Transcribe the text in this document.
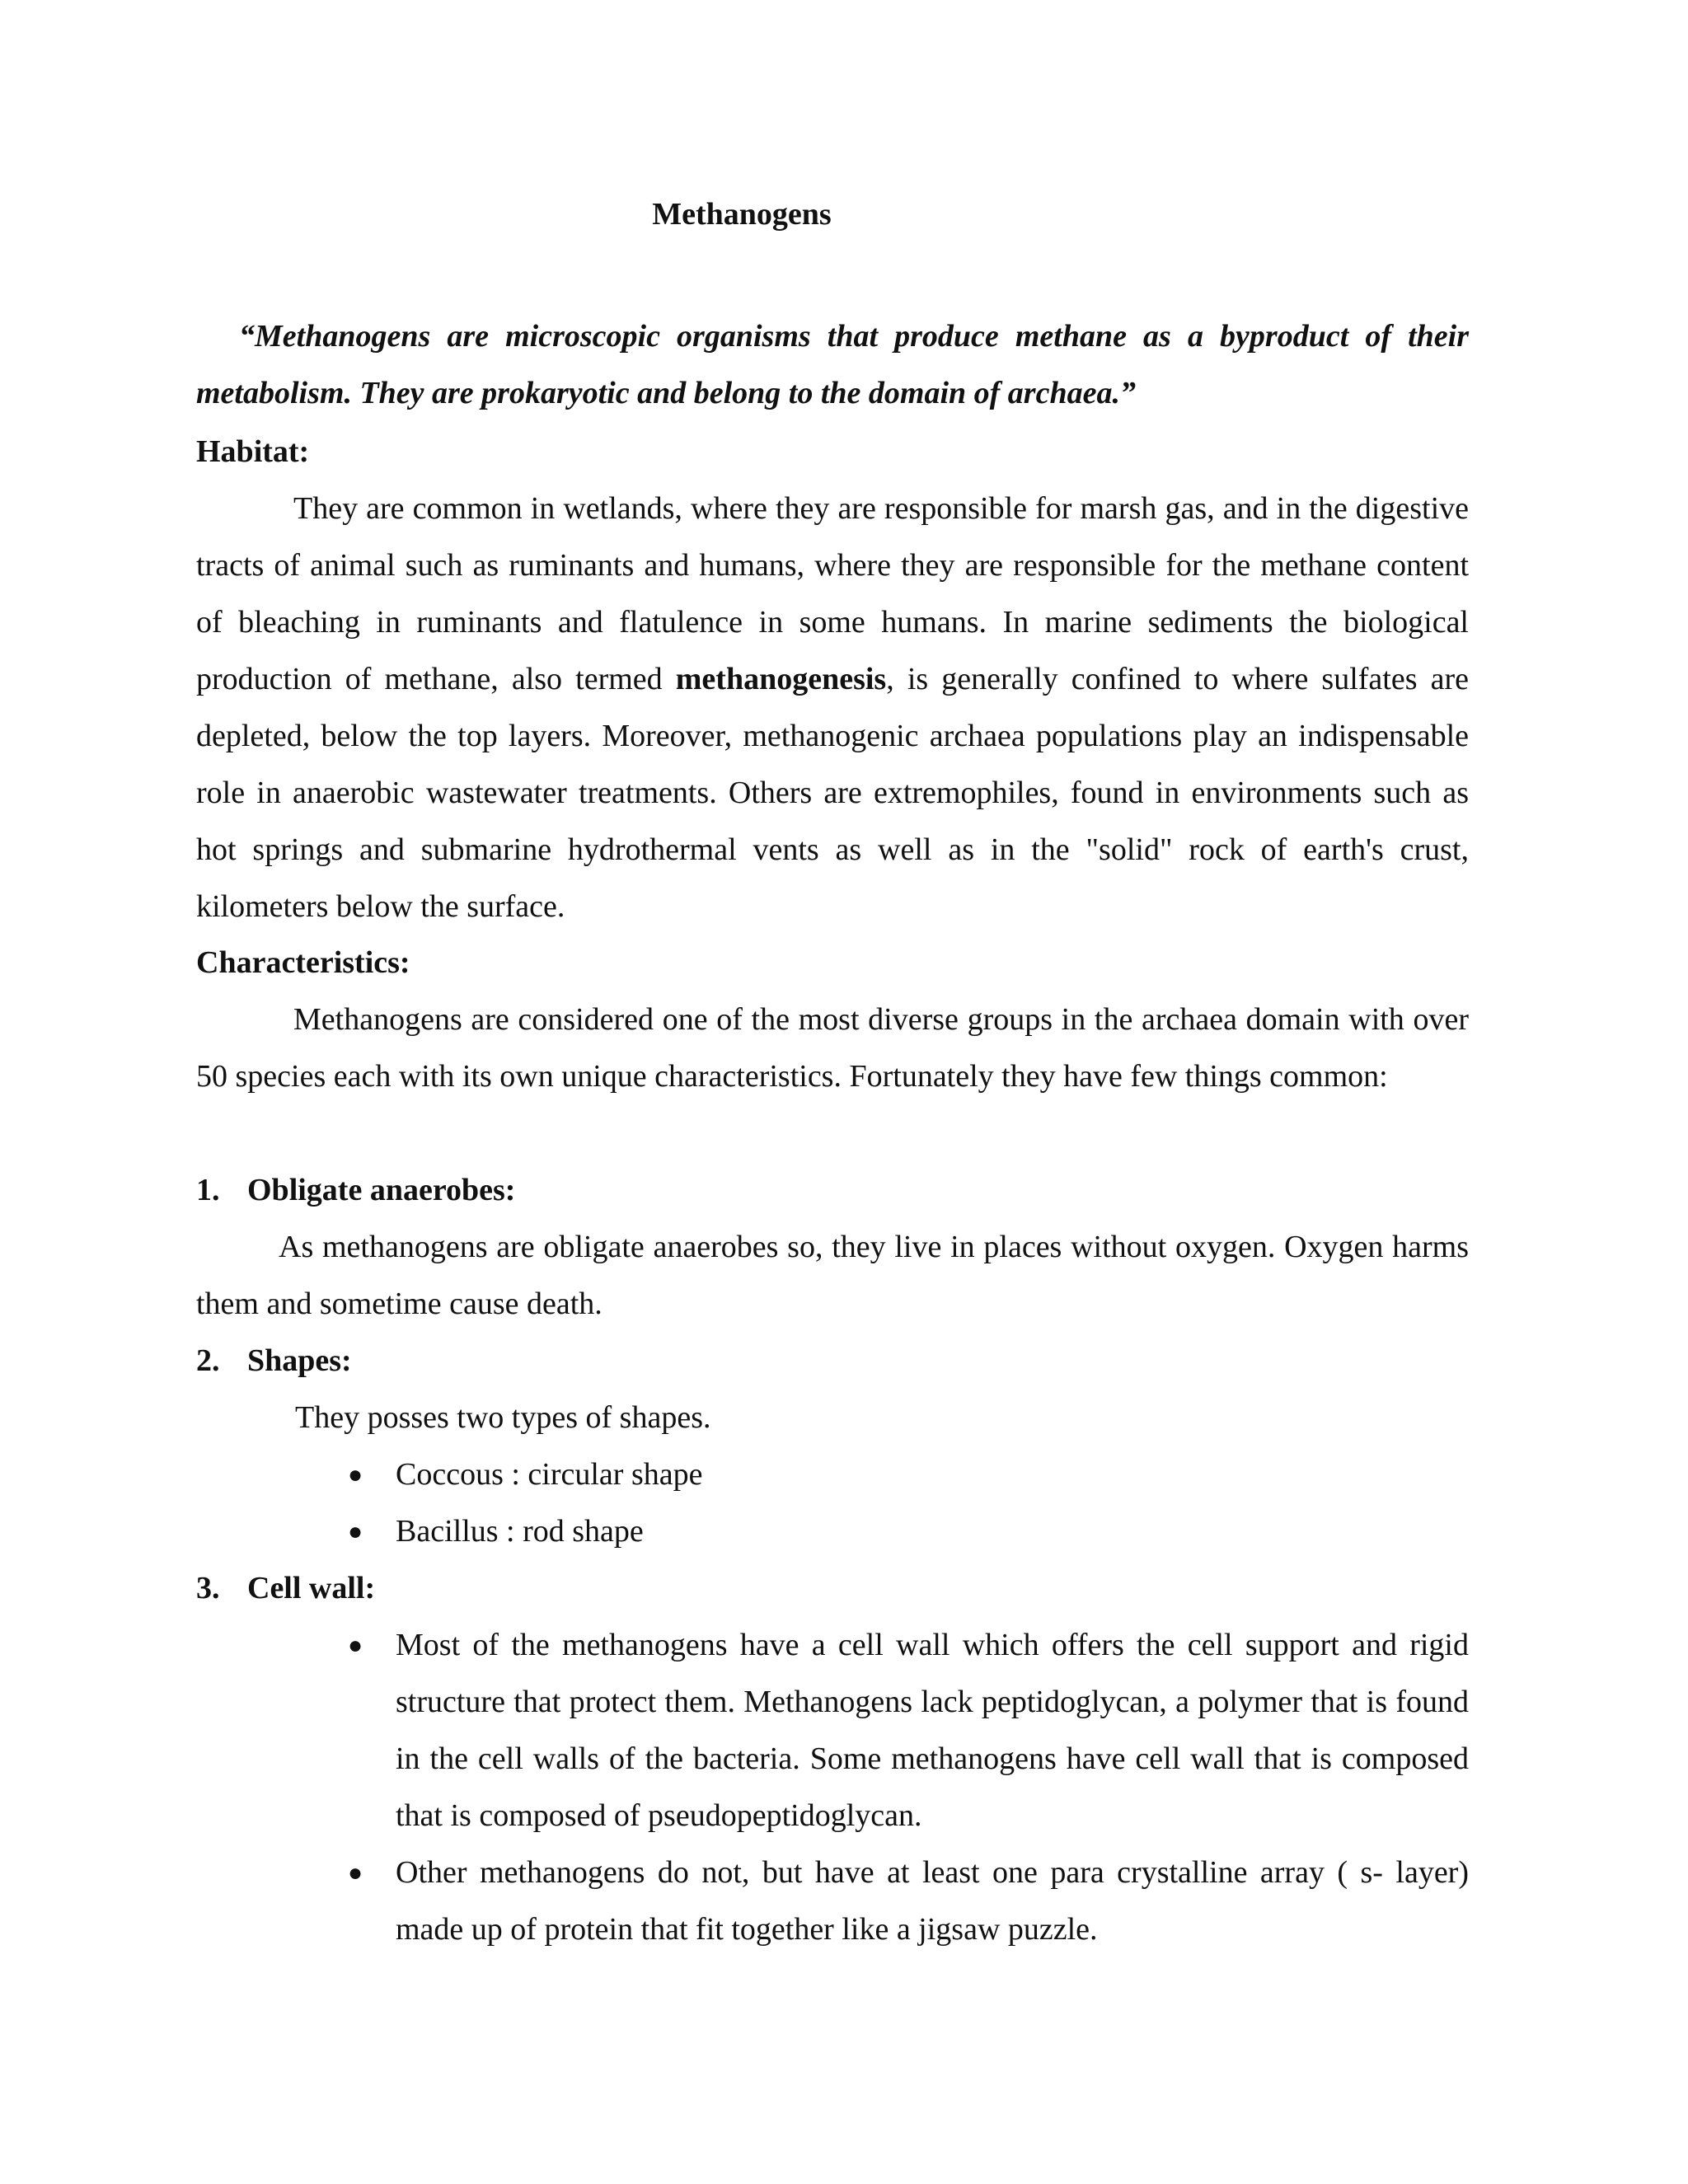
Methanogens
“Methanogens are microscopic organisms that produce methane as a byproduct of their metabolism. They are prokaryotic and belong to the domain of archaea.”
Habitat:
They are common in wetlands, where they are responsible for marsh gas, and in the digestive tracts of animal such as ruminants and humans, where they are responsible for the methane content of bleaching in ruminants and flatulence in some humans. In marine sediments the biological production of methane, also termed methanogenesis, is generally confined to where sulfates are depleted, below the top layers. Moreover, methanogenic archaea populations play an indispensable role in anaerobic wastewater treatments. Others are extremophiles, found in environments such as hot springs and submarine hydrothermal vents as well as in the "solid" rock of earth's crust, kilometers below the surface.
Characteristics:
Methanogens are considered one of the most diverse groups in the archaea domain with over 50 species each with its own unique characteristics. Fortunately they have few things common:
1. Obligate anaerobes:
As methanogens are obligate anaerobes so, they live in places without oxygen. Oxygen harms them and sometime cause death.
2. Shapes:
They posses two types of shapes.
● Coccous : circular shape
● Bacillus : rod shape
3. Cell wall:
● Most of the methanogens have a cell wall which offers the cell support and rigid structure that protect them. Methanogens lack peptidoglycan, a polymer that is found in the cell walls of the bacteria. Some methanogens have cell wall that is composed that is composed of pseudopeptidoglycan.
● Other methanogens do not, but have at least one para crystalline array ( s- layer) made up of protein that fit together like a jigsaw puzzle.
